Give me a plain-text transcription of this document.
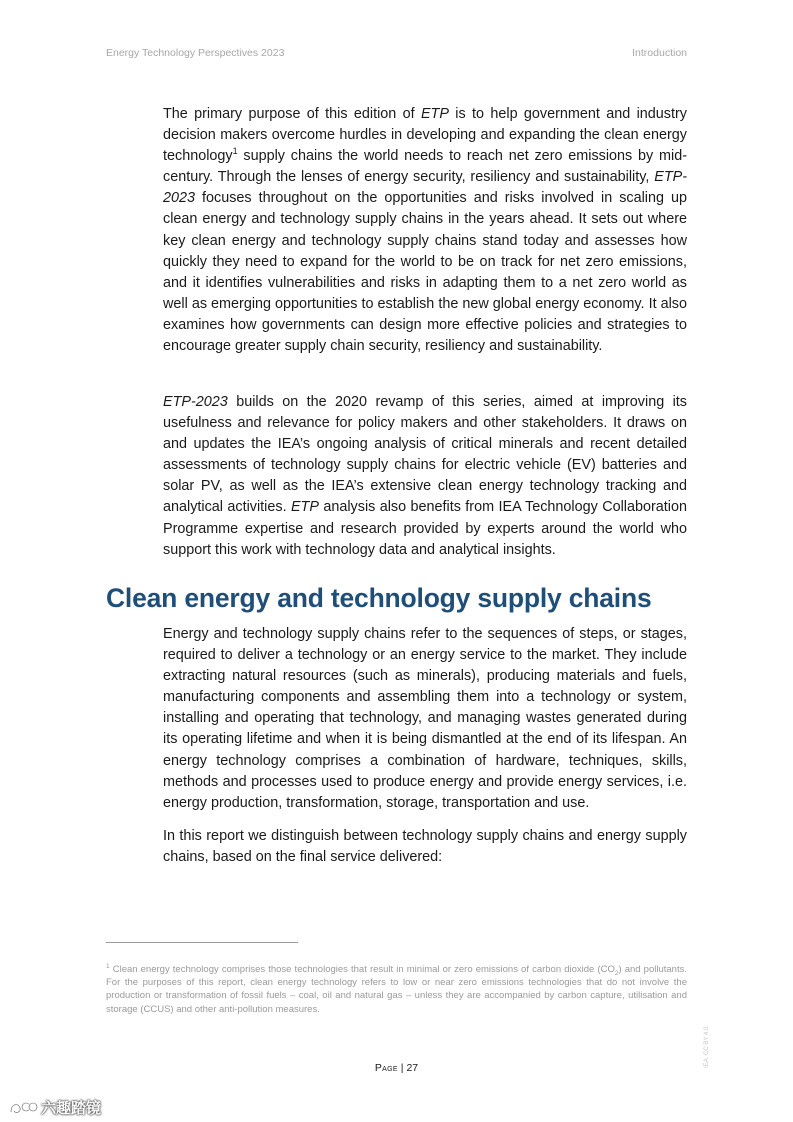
Energy Technology Perspectives 2023	Introduction

The primary purpose of this edition of ETP is to help government and industry decision makers overcome hurdles in developing and expanding the clean energy technology$^1$ supply chains the world needs to reach net zero emissions by mid-century. Through the lenses of energy security, resiliency and sustainability, ETP-2023 focuses throughout on the opportunities and risks involved in scaling up clean energy and technology supply chains in the years ahead. It sets out where key clean energy and technology supply chains stand today and assesses how quickly they need to expand for the world to be on track for net zero emissions, and it identifies vulnerabilities and risks in adapting them to a net zero world as well as emerging opportunities to establish the new global energy economy. It also examines how governments can design more effective policies and strategies to encourage greater supply chain security, resiliency and sustainability.

ETP-2023 builds on the 2020 revamp of this series, aimed at improving its usefulness and relevance for policy makers and other stakeholders. It draws on and updates the IEA’s ongoing analysis of critical minerals and recent detailed assessments of technology supply chains for electric vehicle (EV) batteries and solar PV, as well as the IEA’s extensive clean energy technology tracking and analytical activities. ETP analysis also benefits from IEA Technology Collaboration Programme expertise and research provided by experts around the world who support this work with technology data and analytical insights.

Clean energy and technology supply chains

Energy and technology supply chains refer to the sequences of steps, or stages, required to deliver a technology or an energy service to the market. They include extracting natural resources (such as minerals), producing materials and fuels, manufacturing components and assembling them into a technology or system, installing and operating that technology, and managing wastes generated during its operating lifetime and when it is being dismantled at the end of its lifespan. An energy technology comprises a combination of hardware, techniques, skills, methods and processes used to produce energy and provide energy services, i.e. energy production, transformation, storage, transportation and use.

In this report we distinguish between technology supply chains and energy supply chains, based on the final service delivered:

$^1$ Clean energy technology comprises those technologies that result in minimal or zero emissions of carbon dioxide $(CO_2)$ and pollutants. For the purposes of this report, clean energy technology refers to low or near zero emissions technologies that do not involve the production or transformation of fossil fuels – coal, oil and natural gas – unless they are accompanied by carbon capture, utilisation and storage (CCUS) and other anti-pollution measures.
Page | 27	IEA. CC BY 4.0.
六趣踏镜
